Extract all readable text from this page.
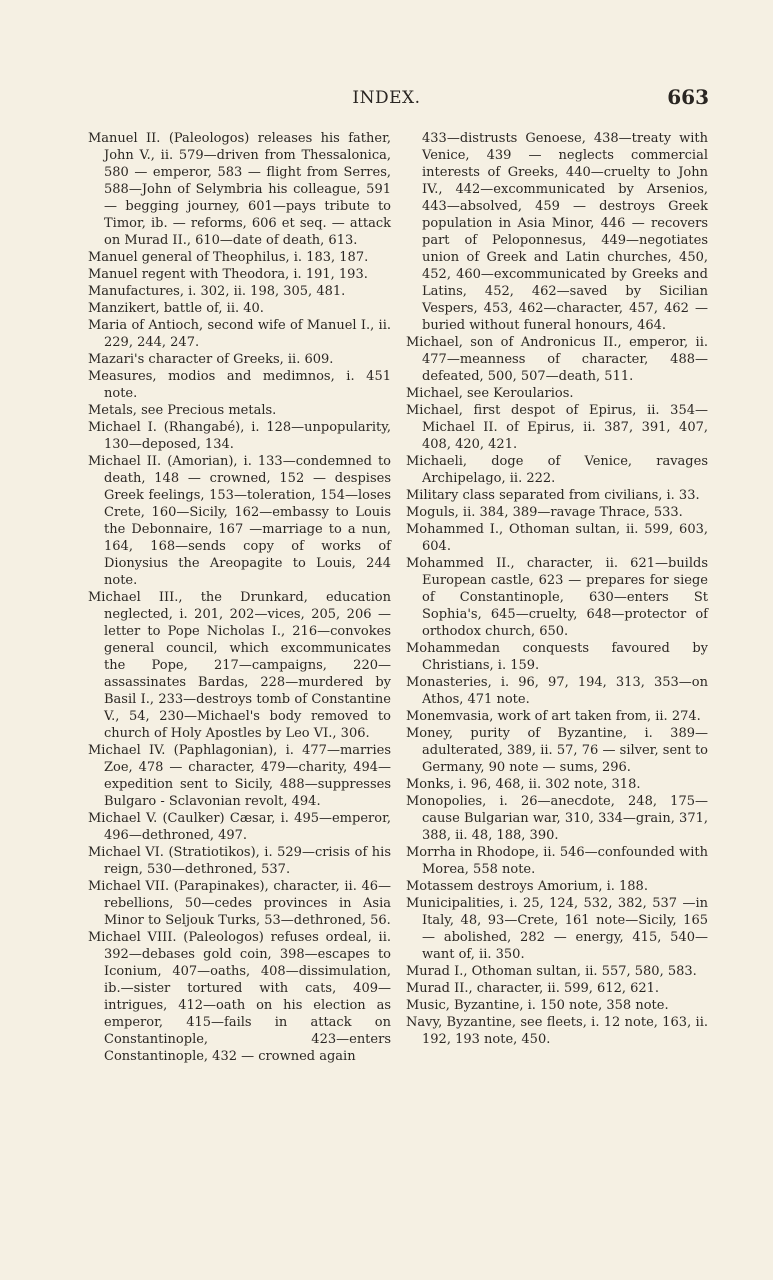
INDEX.	663

Manuel II. (Paleologos) releases his father, John V., ii. 579—driven from Thessalonica, 580 — emperor, 583 — flight from Serres, 588—John of Selymbria his colleague, 591 — begging journey, 601—pays tribute to Timor, ib. — reforms, 606 et seq. — attack on Murad II., 610—date of death, 613.

Manuel general of Theophilus, i. 183, 187.

Manuel regent with Theodora, i. 191, 193.

Manufactures, i. 302, ii. 198, 305, 481.

Manzikert, battle of, ii. 40.

Maria of Antioch, second wife of Manuel I., ii. 229, 244, 247.

Mazari's character of Greeks, ii. 609.

Measures, modios and medimnos, i. 451 note.

Metals, see Precious metals.

Michael I. (Rhangabé), i. 128—unpopularity, 130—deposed, 134.

Michael II. (Amorian), i. 133—condemned to death, 148 — crowned, 152 — despises Greek feelings, 153—toleration, 154—loses Crete, 160—Sicily, 162—embassy to Louis the Debonnaire, 167 —marriage to a nun, 164, 168—sends copy of works of Dionysius the Areopagite to Louis, 244 note.

Michael III., the Drunkard, education neglected, i. 201, 202—vices, 205, 206 —letter to Pope Nicholas I., 216—convokes general council, which excommunicates the Pope, 217—campaigns, 220—assassinates Bardas, 228—murdered by Basil I., 233—destroys tomb of Constantine V., 54, 230—Michael's body removed to church of Holy Apostles by Leo VI., 306.

Michael IV. (Paphlagonian), i. 477—marries Zoe, 478 — character, 479—charity, 494—expedition sent to Sicily, 488—suppresses Bulgaro - Sclavonian revolt, 494.

Michael V. (Caulker) Cæsar, i. 495—emperor, 496—dethroned, 497.

Michael VI. (Stratiotikos), i. 529—crisis of his reign, 530—dethroned, 537.

Michael VII. (Parapinakes), character, ii. 46—rebellions, 50—cedes provinces in Asia Minor to Seljouk Turks, 53—dethroned, 56.

Michael VIII. (Paleologos) refuses ordeal, ii. 392—debases gold coin, 398—escapes to Iconium, 407—oaths, 408—dissimulation, ib.—sister tortured with cats, 409—intrigues, 412—oath on his election as emperor, 415—fails in attack on Constantinople, 423—enters Constantinople, 432 — crowned again

433—distrusts Genoese, 438—treaty with Venice, 439 — neglects commercial interests of Greeks, 440—cruelty to John IV., 442—excommunicated by Arsenios, 443—absolved, 459 — destroys Greek population in Asia Minor, 446 — recovers part of Peloponnesus, 449—negotiates union of Greek and Latin churches, 450, 452, 460—excommunicated by Greeks and Latins, 452, 462—saved by Sicilian Vespers, 453, 462—character, 457, 462 — buried without funeral honours, 464.

Michael, son of Andronicus II., emperor, ii. 477—meanness of character, 488—defeated, 500, 507—death, 511.

Michael, see Keroularios.

Michael, first despot of Epirus, ii. 354—Michael II. of Epirus, ii. 387, 391, 407, 408, 420, 421.

Michaeli, doge of Venice, ravages Archipelago, ii. 222.

Military class separated from civilians, i. 33.

Moguls, ii. 384, 389—ravage Thrace, 533.

Mohammed I., Othoman sultan, ii. 599, 603, 604.

Mohammed II., character, ii. 621—builds European castle, 623 — prepares for siege of Constantinople, 630—enters St Sophia's, 645—cruelty, 648—protector of orthodox church, 650.

Mohammedan conquests favoured by Christians, i. 159.

Monasteries, i. 96, 97, 194, 313, 353—on Athos, 471 note.

Monemvasia, work of art taken from, ii. 274.

Money, purity of Byzantine, i. 389—adulterated, 389, ii. 57, 76 — silver, sent to Germany, 90 note — sums, 296.

Monks, i. 96, 468, ii. 302 note, 318.

Monopolies, i. 26—anecdote, 248, 175—cause Bulgarian war, 310, 334—grain, 371, 388, ii. 48, 188, 390.

Morrha in Rhodope, ii. 546—confounded with Morea, 558 note.

Motassem destroys Amorium, i. 188.

Municipalities, i. 25, 124, 532, 382, 537 —in Italy, 48, 93—Crete, 161 note—Sicily, 165 — abolished, 282 — energy, 415, 540—want of, ii. 350.

Murad I., Othoman sultan, ii. 557, 580, 583.

Murad II., character, ii. 599, 612, 621.

Music, Byzantine, i. 150 note, 358 note.

Navy, Byzantine, see fleets, i. 12 note, 163, ii. 192, 193 note, 450.
